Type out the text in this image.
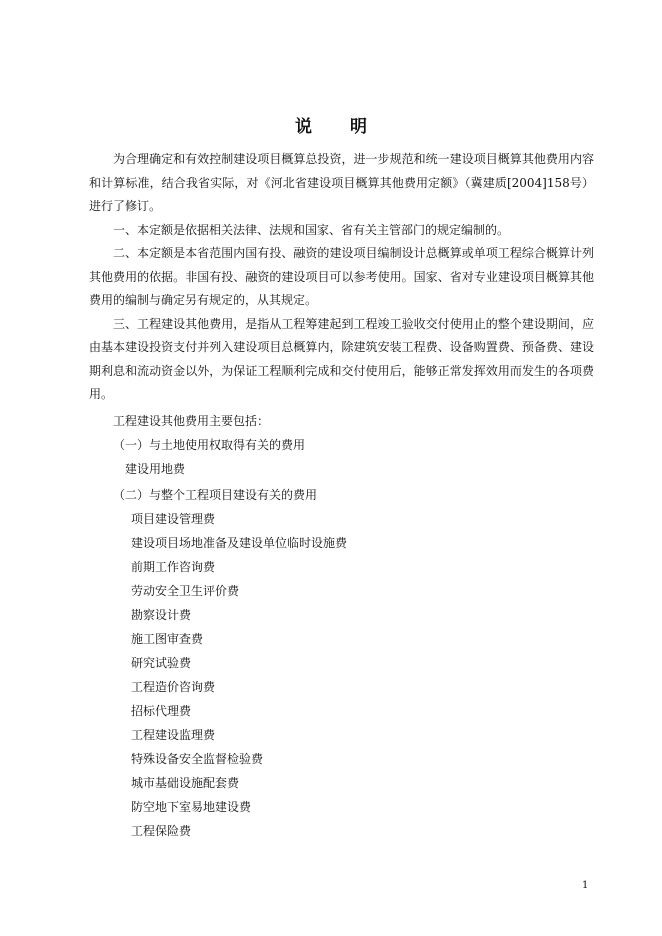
说 明

为合理确定和有效控制建设项目概算总投资，进一步规范和统一建设项目概算其他费用内容和计算标准，结合我省实际，对《河北省建设项目概算其他费用定额》（冀建质[2004]158号）进行了修订。

一、本定额是依据相关法律、法规和国家、省有关主管部门的规定编制的。

二、本定额是本省范围内国有投、融资的建设项目编制设计总概算或单项工程综合概算计列其他费用的依据。非国有投、融资的建设项目可以参考使用。国家、省对专业建设项目概算其他费用的编制与确定另有规定的，从其规定。

三、工程建设其他费用，是指从工程筹建起到工程竣工验收交付使用止的整个建设期间，应由基本建设投资支付并列入建设项目总概算内，除建筑安装工程费、设备购置费、预备费、建设期利息和流动资金以外，为保证工程顺利完成和交付使用后，能够正常发挥效用而发生的各项费用。

工程建设其他费用主要包括：
（一）与土地使用权取得有关的费用
建设用地费
（二）与整个工程项目建设有关的费用
项目建设管理费
建设项目场地准备及建设单位临时设施费
前期工作咨询费
劳动安全卫生评价费
勘察设计费
施工图审查费
研究试验费
工程造价咨询费
招标代理费
工程建设监理费
特殊设备安全监督检验费
城市基础设施配套费
防空地下室易地建设费
工程保险费
1
